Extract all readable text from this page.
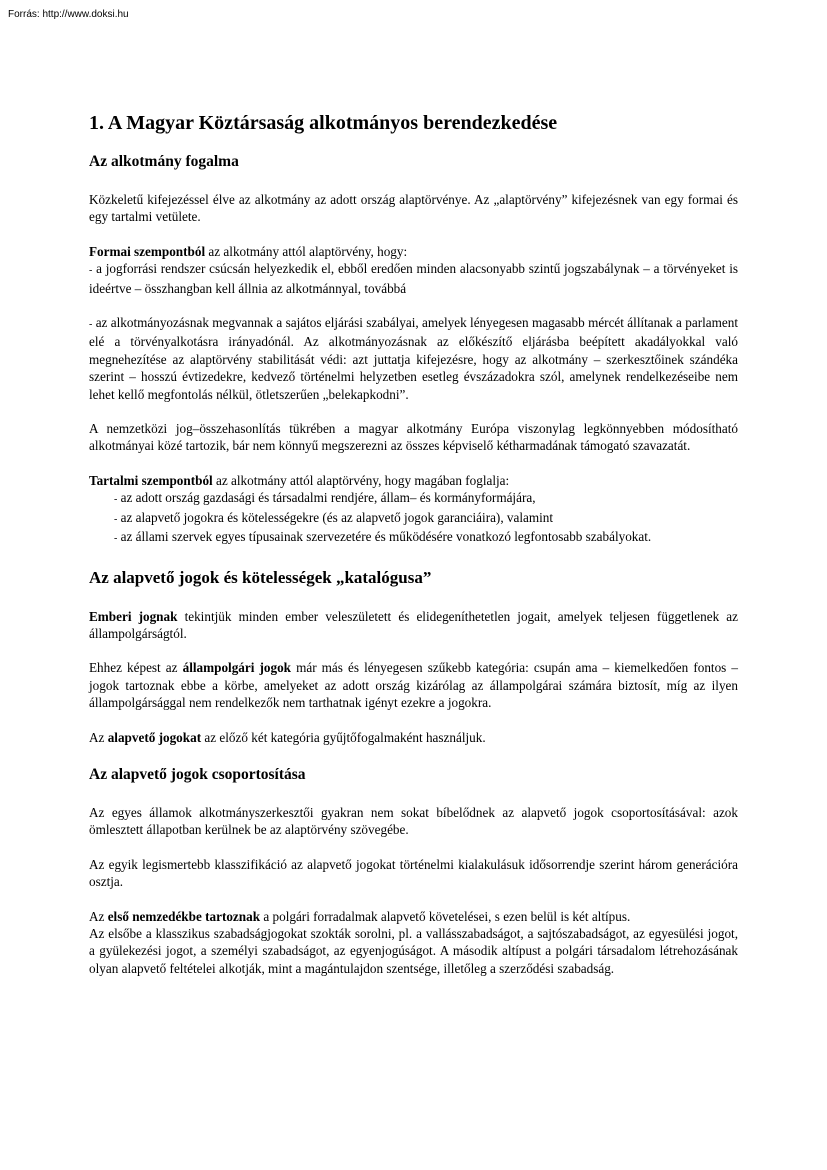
Forrás: http://www.doksi.hu
1. A Magyar Köztársaság alkotmányos berendezkedése
Az alkotmány fogalma

Közkeletű kifejezéssel élve az alkotmány az adott ország alaptörvénye. Az „alaptörvény” kifejezésnek van egy formai és egy tartalmi vetülete.

Formai szempontból az alkotmány attól alaptörvény, hogy:
- a jogforrási rendszer csúcsán helyezkedik el, ebből eredően minden alacsonyabb szintű jogszabálynak – a törvényeket is ideértve – összhangban kell állnia az alkotmánnyal, továbbá

- az alkotmányozásnak megvannak a sajátos eljárási szabályai, amelyek lényegesen magasabb mércét állítanak a parlament elé a törvényalkotásra irányadónál. Az alkotmányozásnak az előkészítő eljárásba beépített akadályokkal való megnehezítése az alaptörvény stabilitását védi: azt juttatja kifejezésre, hogy az alkotmány – szerkesztőinek szándéka szerint – hosszú évtizedekre, kedvező történelmi helyzetben esetleg évszázadokra szól, amelynek rendelkezéseibe nem lehet kellő megfontolás nélkül, ötletszerűen „belekapkodni”.

A nemzetközi jog–összehasonlítás tükrében a magyar alkotmány Európa viszonylag legkönnyebben módosítható alkotmányai közé tartozik, bár nem könnyű megszerezni az összes képviselő kétharmadának támogató szavazatát.

Tartalmi szempontból az alkotmány attól alaptörvény, hogy magában foglalja:
- az adott ország gazdasági és társadalmi rendjére, állam– és kormányformájára,
- az alapvető jogokra és kötelességekre (és az alapvető jogok garanciáira), valamint
- az állami szervek egyes típusainak szervezetére és működésére vonatkozó legfontosabb szabályokat.

Az alapvető jogok és kötelességek „katalógusa”

Emberi jognak tekintjük minden ember veleszületett és elidegeníthetetlen jogait, amelyek teljesen függetlenek az állampolgárságtól.

Ehhez képest az állampolgári jogok már más és lényegesen szűkebb kategória: csupán ama – kiemelkedően fontos – jogok tartoznak ebbe a körbe, amelyeket az adott ország kizárólag az állampolgárai számára biztosít, míg az ilyen állampolgársággal nem rendelkezők nem tarthatnak igényt ezekre a jogokra.

Az alapvető jogokat az előző két kategória gyűjtőfogalmaként használjuk.

Az alapvető jogok csoportosítása

Az egyes államok alkotmányszerkesztői gyakran nem sokat bíbelődnek az alapvető jogok csoportosításával: azok ömlesztett állapotban kerülnek be az alaptörvény szövegébe.

Az egyik legismertebb klasszifikáció az alapvető jogokat történelmi kialakulásuk idősorrendje szerint három generációra osztja.

Az első nemzedékbe tartoznak a polgári forradalmak alapvető követelései, s ezen belül is két altípus.
Az elsőbe a klasszikus szabadságjogokat szokták sorolni, pl. a vallásszabadságot, a sajtószabadságot, az egyesülési jogot, a gyülekezési jogot, a személyi szabadságot, az egyenjogúságot. A második altípust a polgári társadalom létrehozásának olyan alapvető feltételei alkotják, mint a magántulajdon szentsége, illetőleg a szerződési szabadság.
